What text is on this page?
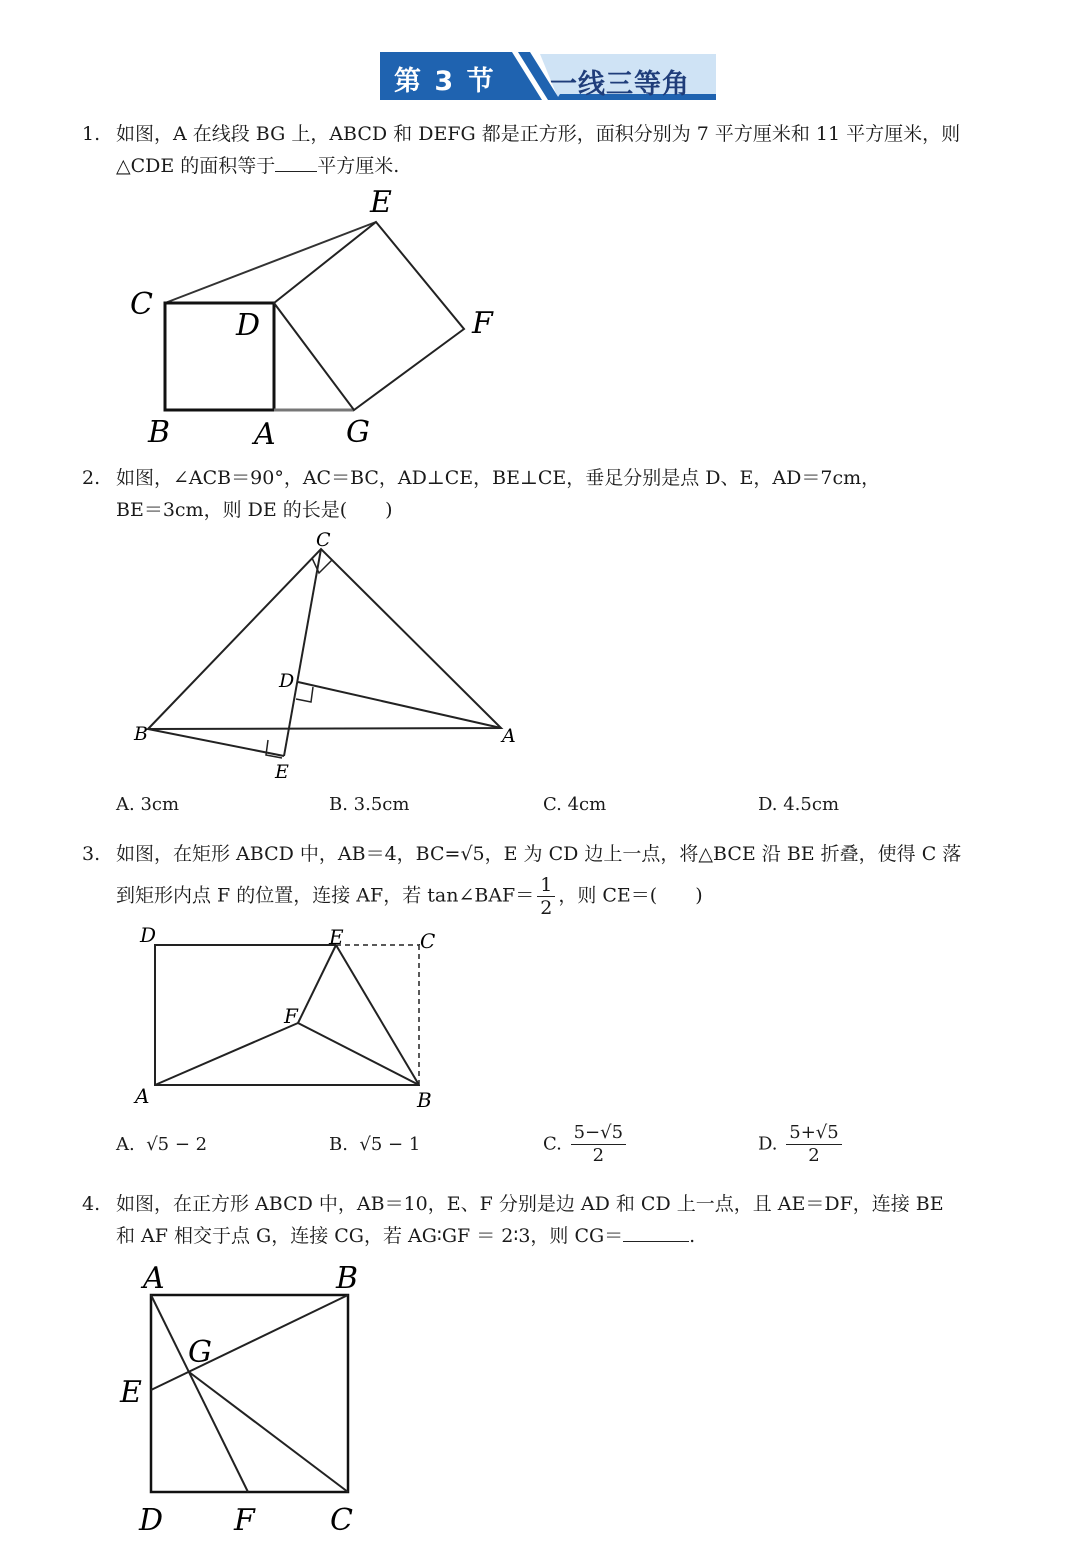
第 3 节 一线三等角
1. 如图，A 在线段 BG 上，ABCD 和 DEFG 都是正方形，面积分别为 7 平方厘米和 11 平方厘米，则
△CDE 的面积等于 平方厘米.
E
C
D	F
B	A G
2. 如图，∠ACB＝90°，AC＝BC，AD⊥CE，BE⊥CE，垂足分别是点 D、E，AD＝7cm，
BE＝3cm，则 DE 的长是(　　)
C
D
B	A
E
A. 3cm	B. 3.5cm	C. 4cm	D. 4.5cm
3. 如图，在矩形 ABCD 中，AB＝4，BC=√5，E 为 CD 边上一点，将△BCE 沿 BE 折叠，使得 C 落
到矩形内点 F 的位置，连接 AF，若 tan∠BAF＝ $\frac{1}{2}$ ，则 CE＝(　　)
D	E	C
F
A	B
A. √5 − 2	B. √5 − 1	C. $\frac{5-√5}{2}$	D. $\frac{5+√5}{2}$
4. 如图，在正方形 ABCD 中，AB＝10，E、F 分别是边 AD 和 CD 上一点，且 AE＝DF，连接 BE
和 AF 相交于点 G，连接 CG，若 AG∶GF ＝ 2∶3，则 CG＝	.
A	B
G
E
D F	C
